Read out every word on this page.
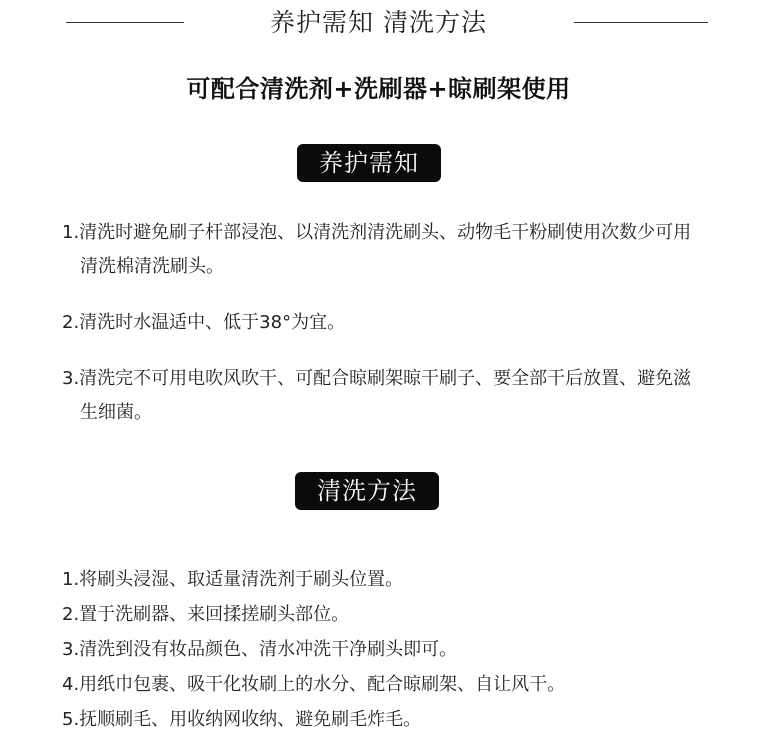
养护需知 清洗方法
可配合清洗剂+洗刷器+晾刷架使用
养护需知
1.清洗时避免刷子杆部浸泡、以清洗剂清洗刷头、动物毛干粉刷使用次数少可用清洗棉清洗刷头。
2.清洗时水温适中、低于38°为宜。
3.清洗完不可用电吹风吹干、可配合晾刷架晾干刷子、要全部干后放置、避免滋生细菌。
清洗方法
1.将刷头浸湿、取适量清洗剂于刷头位置。
2.置于洗刷器、来回揉搓刷头部位。
3.清洗到没有妆品颜色、清水冲洗干净刷头即可。
4.用纸巾包裹、吸干化妆刷上的水分、配合晾刷架、自让风干。
5.抚顺刷毛、用收纳网收纳、避免刷毛炸毛。
